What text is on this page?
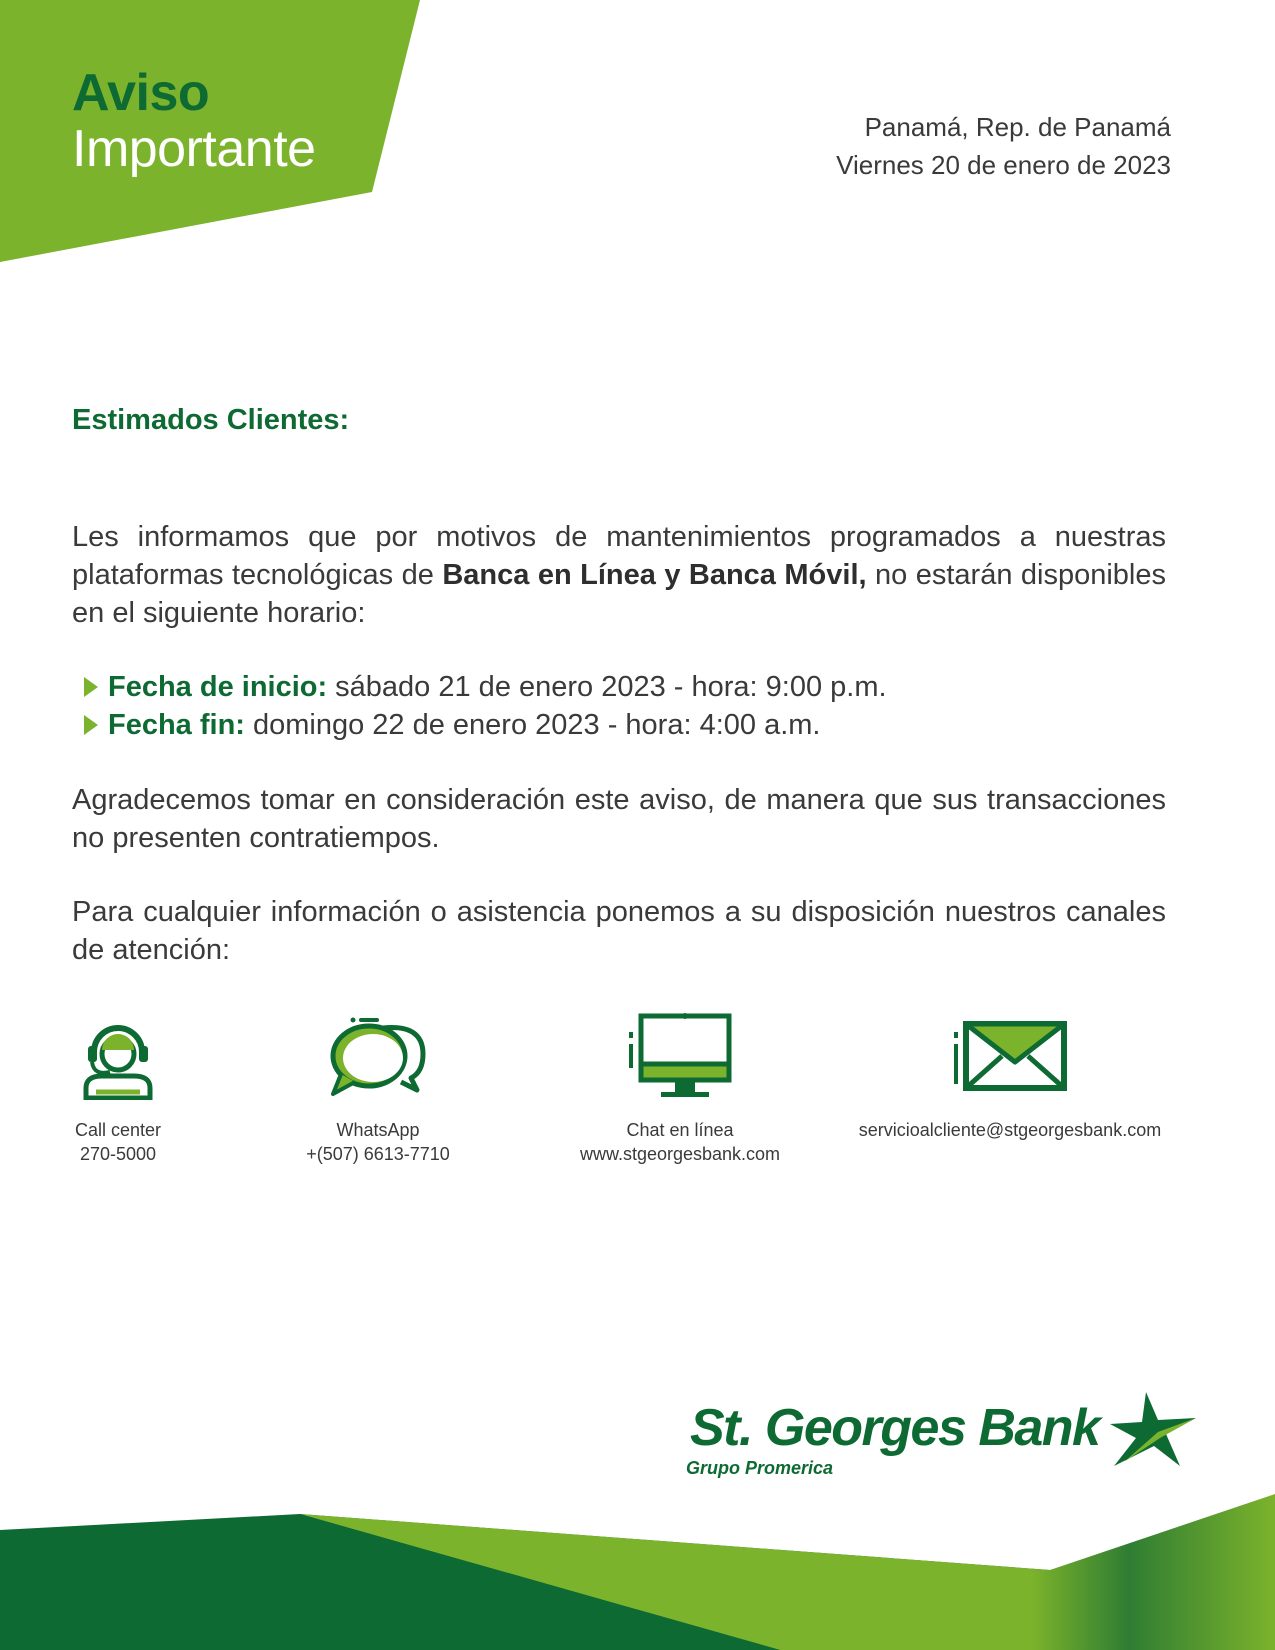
Aviso
Importante	Panamá, Rep. de Panamá
Viernes 20 de enero de 2023
Estimados Clientes:
Les informamos que por motivos de mantenimientos programados a nuestras plataformas tecnológicas de Banca en Línea y Banca Móvil, no estarán disponibles en el siguiente horario:
Fecha de inicio: sábado 21 de enero 2023 - hora: 9:00 p.m.
Fecha fin: domingo 22 de enero 2023 - hora: 4:00 a.m.
Agradecemos tomar en consideración este aviso, de manera que sus transacciones no presenten contratiempos.
Para cualquier información o asistencia ponemos a su disposición nuestros canales de atención:
Call center
270-5000
WhatsApp
+(507) 6613-7710
Chat en línea
www.stgeorgesbank.com
servicioalcliente@stgeorgesbank.com
St. Georges Bank
Grupo Promerica
